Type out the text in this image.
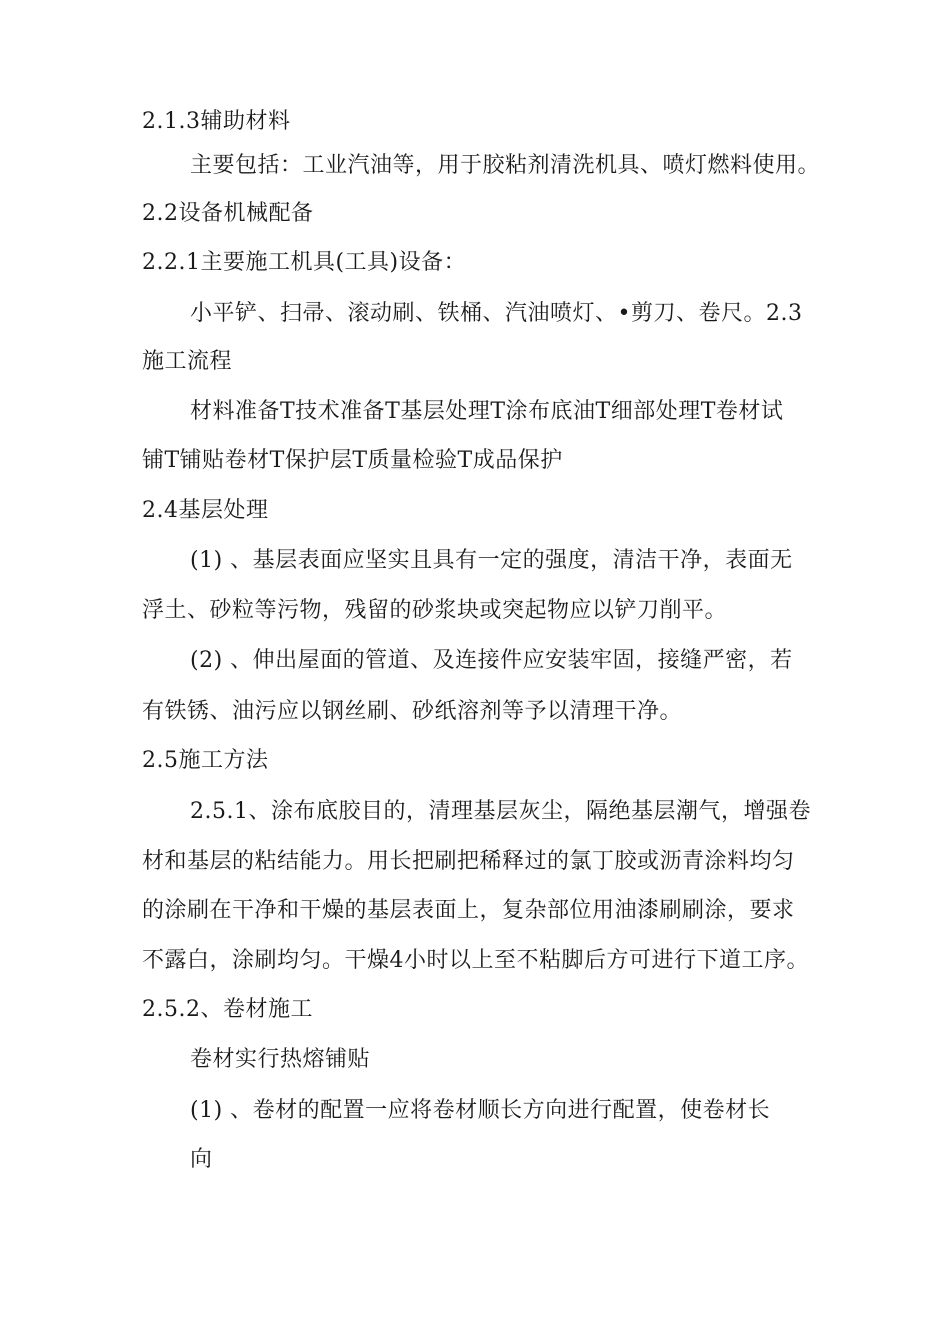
2.1.3辅助材料
主要包括：工业汽油等，用于胶粘剂清洗机具、喷灯燃料使用。
2.2设备机械配备
2.2.1主要施工机具(工具)设备：
小平铲、扫帚、滚动刷、铁桶、汽油喷灯、•剪刀、卷尺。2.3
施工流程
材料准备T技术准备T基层处理T涂布底油T细部处理T卷材试
铺T铺贴卷材T保护层T质量检验T成品保护
2.4基层处理
(1) 、基层表面应坚实且具有一定的强度，清洁干净，表面无
浮土、砂粒等污物，残留的砂浆块或突起物应以铲刀削平。
(2) 、伸出屋面的管道、及连接件应安装牢固，接缝严密，若
有铁锈、油污应以钢丝刷、砂纸溶剂等予以清理干净。
2.5施工方法
2.5.1、涂布底胶目的，清理基层灰尘，隔绝基层潮气，增强卷
材和基层的粘结能力。用长把刷把稀释过的氯丁胶或沥青涂料均匀
的涂刷在干净和干燥的基层表面上，复杂部位用油漆刷刷涂，要求
不露白，涂刷均匀。干燥4小时以上至不粘脚后方可进行下道工序。
2.5.2、卷材施工
卷材实行热熔铺贴
(1) 、卷材的配置一应将卷材顺长方向进行配置，使卷材长
向
